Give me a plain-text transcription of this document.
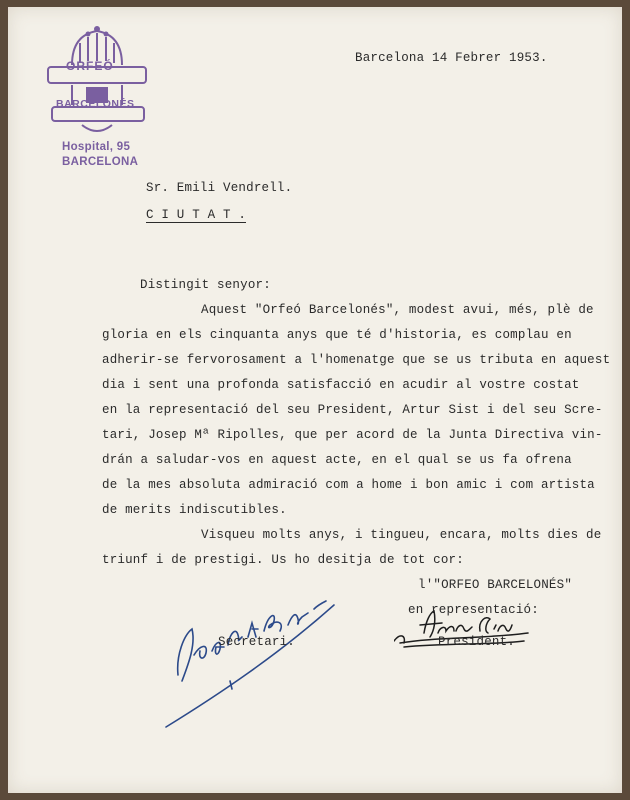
ORFEÓ
BARCELONÉS
Hospital, 95
BARCELONA
Barcelona 14 Febrer 1953.
Sr. Emili Vendrell.
C I U T A T .
Distingit senyor:
Aquest "Orfeó Barcelonés", modest avui, més, plè de
gloria en els cinquanta anys que té d'historia, es complau en
adherir-se fervorosament a l'homenatge que se us tributa en aquest
dia i sent una profonda satisfacció en acudir al vostre costat
en la representació del seu President, Artur Sist i del seu Scre-
tari, Josep Mª Ripolles, que per acord de la Junta Directiva vin-
drán a saludar-vos en aquest acte, en el qual se us fa ofrena
de la mes absoluta admiració com a home i bon amic i com artista
de merits indiscutibles.
Visqueu molts anys, i tingueu, encara, molts dies de
triunf i de prestigi. Us ho desitja de tot cor:
l'"ORFEO BARCELONÉS"
en representació:
Secretari.	President.
